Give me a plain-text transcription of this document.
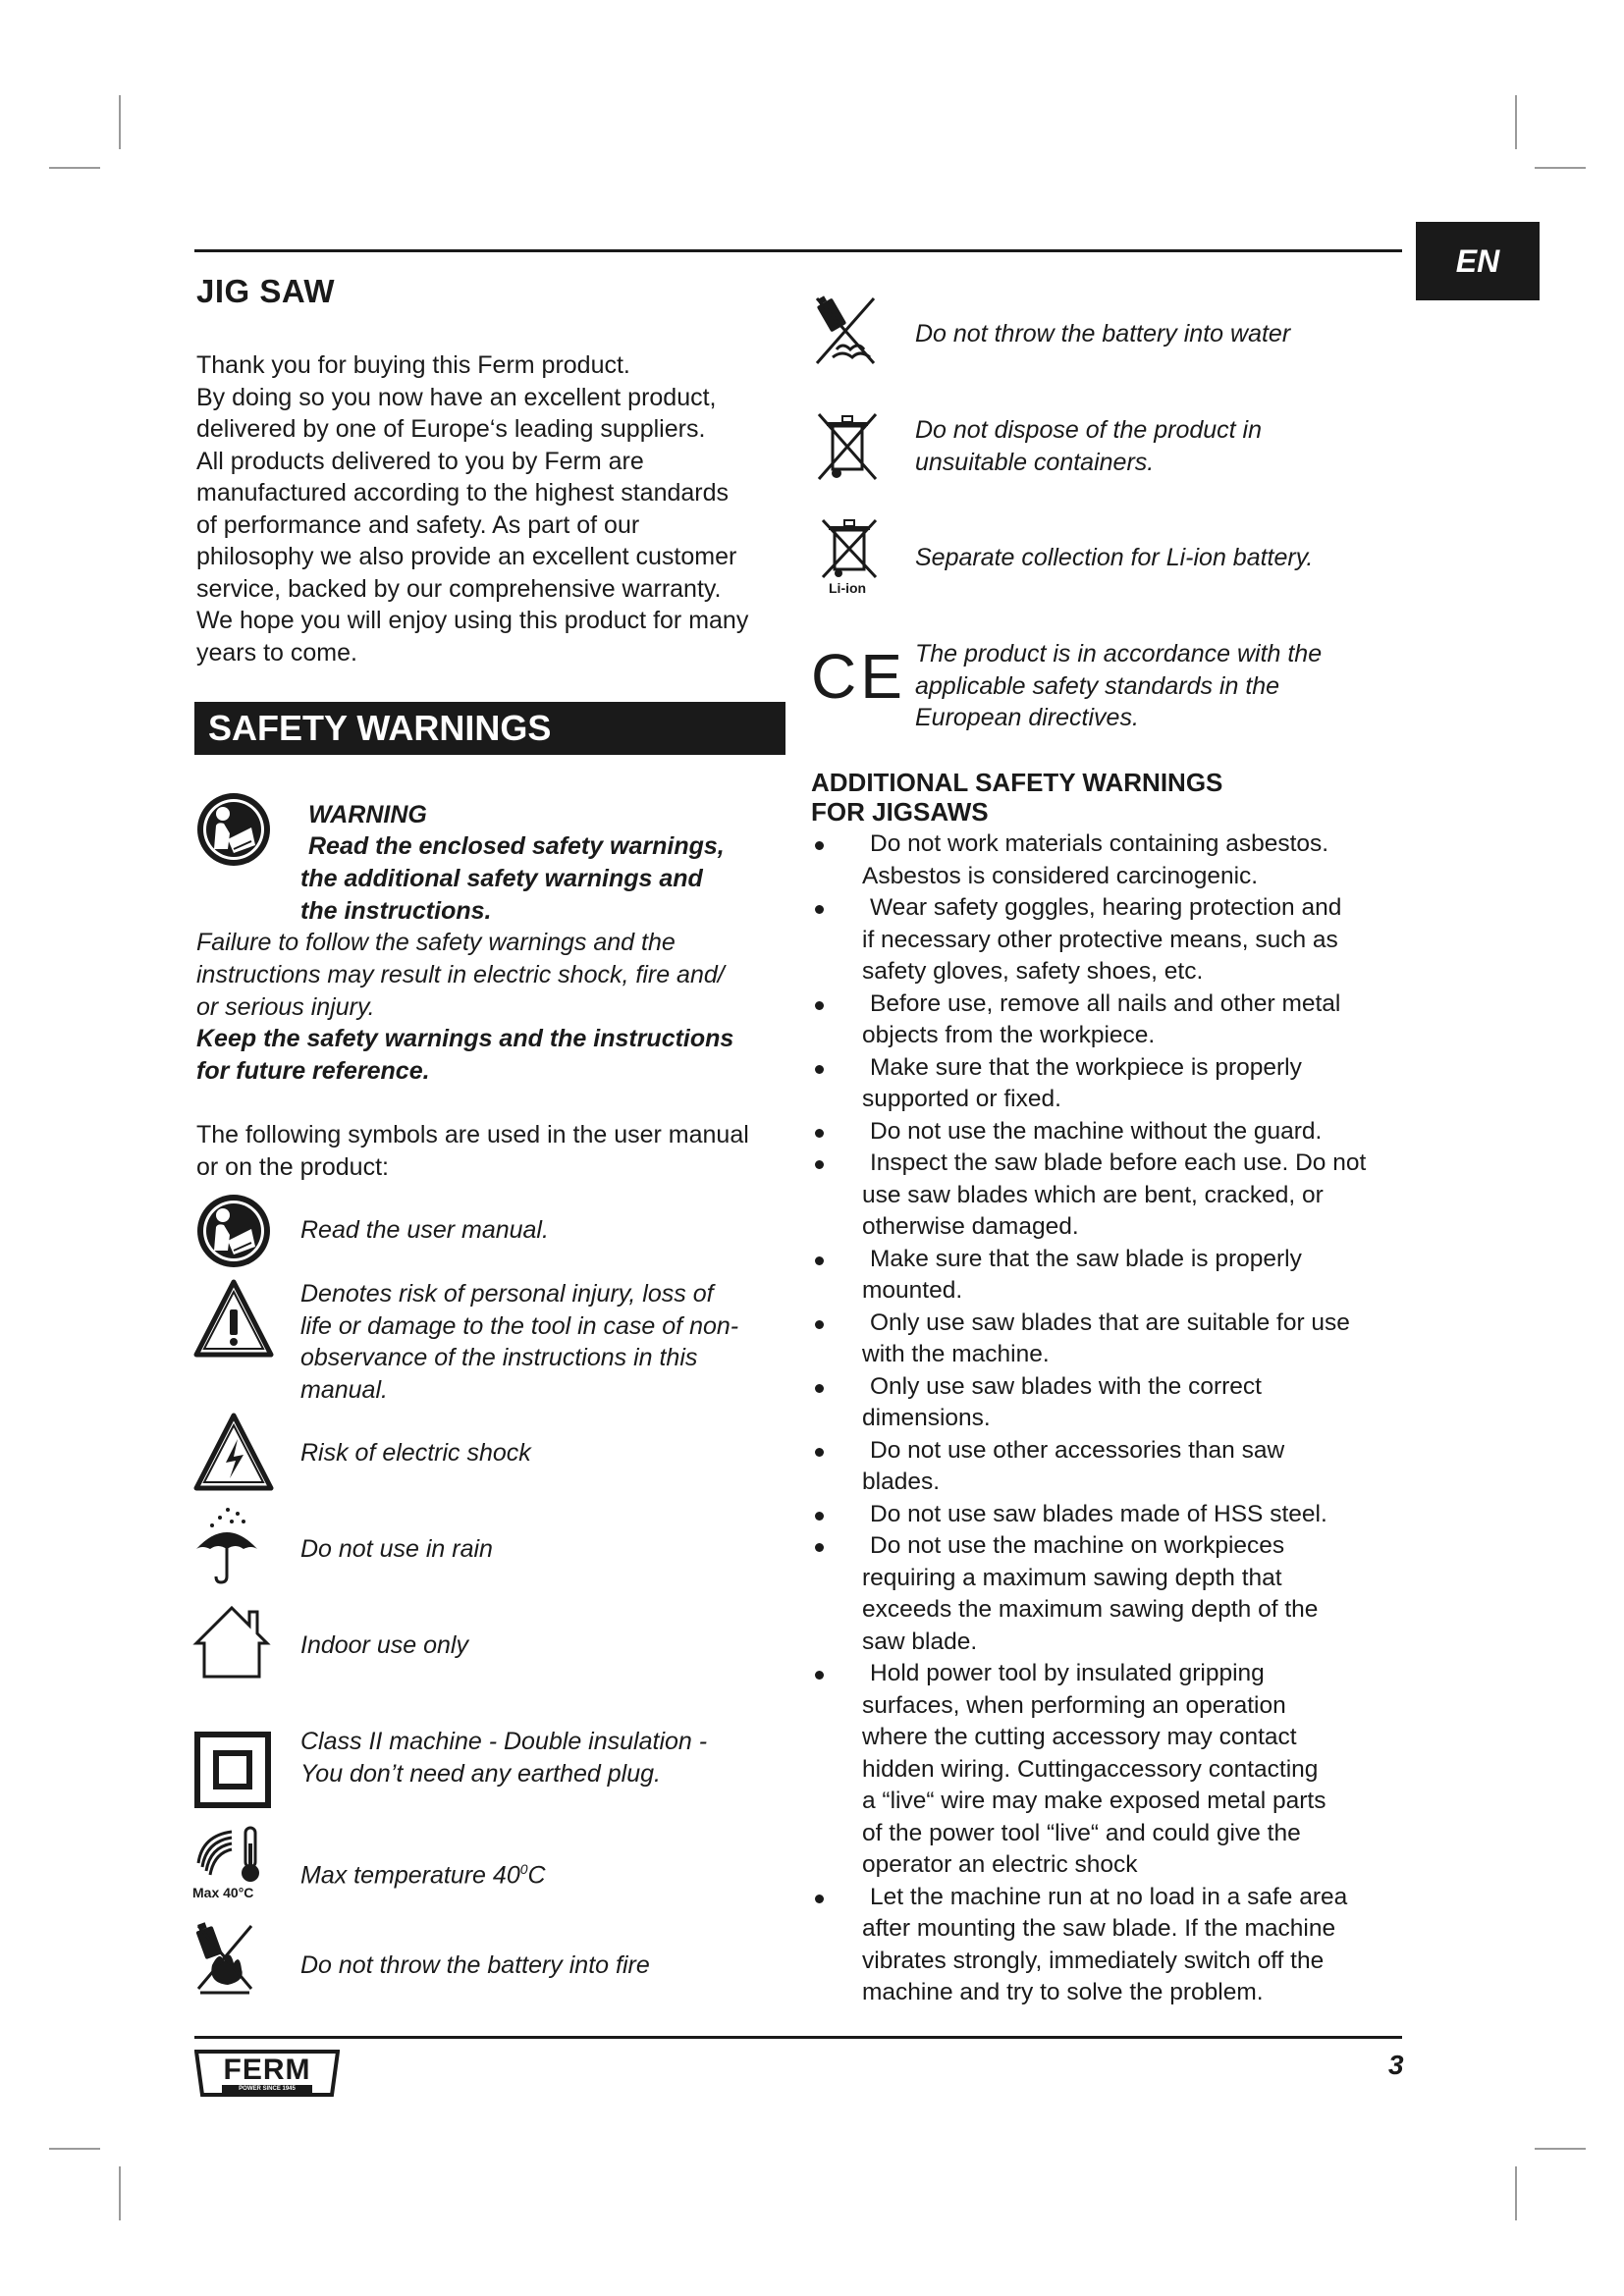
EN
JIG SAW
Thank you for buying this Ferm product.
By doing so you now have an excellent product,
delivered by one of Europe‘s leading suppliers.
All products delivered to you by Ferm are
manufactured according to the highest standards
of performance and safety. As part of our
philosophy we also provide an excellent customer
service, backed by our comprehensive warranty.
We hope you will enjoy using this product for many
years to come.
SAFETY WARNINGS
WARNING
Read the enclosed safety warnings,
the additional safety warnings and
the instructions.
Failure to follow the safety warnings and the
instructions may result in electric shock, fire and/
or serious injury.
Keep the safety warnings and the instructions
for future reference.
The following symbols are used in the user manual
or on the product:
Read the user manual.
Denotes risk of personal injury, loss of
life or damage to the tool in case of non-
observance of the instructions in this
manual.
Risk of electric shock
Do not use in rain
Indoor use only
Class II machine - Double insulation -
You don’t need any earthed plug.
Max 40°C
Max temperature $40^0C$
Do not throw the battery into fire
Do not throw the battery into water
Do not dispose of the product in
unsuitable containers.
Li-ion
Separate collection for Li-ion battery.
CE The product is in accordance with the
applicable safety standards in the
European directives.
ADDITIONAL SAFETY WARNINGS
FOR JIGSAWS
Do not work materials containing asbestos.
Asbestos is considered carcinogenic.
Wear safety goggles, hearing protection and
if necessary other protective means, such as
safety gloves, safety shoes, etc.
Before use, remove all nails and other metal
objects from the workpiece.
Make sure that the workpiece is properly
supported or fixed.
Do not use the machine without the guard.
Inspect the saw blade before each use. Do not
use saw blades which are bent, cracked, or
otherwise damaged.
Make sure that the saw blade is properly
mounted.
Only use saw blades that are suitable for use
with the machine.
Only use saw blades with the correct
dimensions.
Do not use other accessories than saw
blades.
Do not use saw blades made of HSS steel.
Do not use the machine on workpieces
requiring a maximum sawing depth that
exceeds the maximum sawing depth of the
saw blade.
Hold power tool by insulated gripping
surfaces, when performing an operation
where the cutting accessory may contact
hidden wiring. Cuttingaccessory contacting
a “live“ wire may make exposed metal parts
of the power tool “live“ and could give the
operator an electric shock
Let the machine run at no load in a safe area
after mounting the saw blade. If the machine
vibrates strongly, immediately switch off the
machine and try to solve the problem.
FERM
POWER SINCE 1945
3
